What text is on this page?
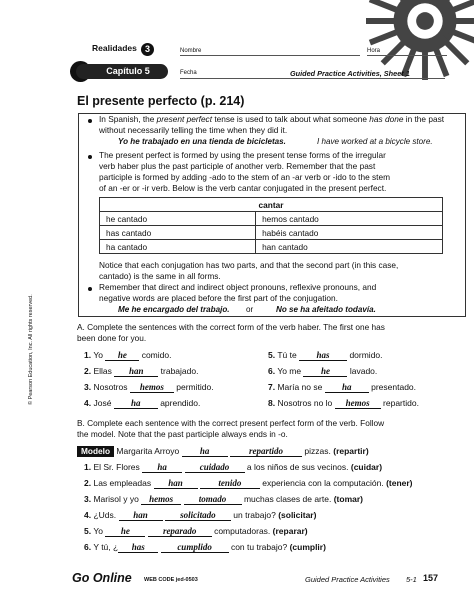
Realidades 3	Nombre	Hora
Capítulo 5	Fecha	Guided Practice Activities, Sheet 1
El presente perfecto (p. 214)
In Spanish, the present perfect tense is used to talk about what someone has done in the past without necessarily telling the time when they did it.
Yo he trabajado en una tienda de bicicletas.	I have worked at a bicycle store.
The present perfect is formed by using the present tense forms of the irregular
verb haber plus the past participle of another verb. Remember that the past
participle is formed by adding -ado to the stem of an -ar verb or -ido to the stem
of an -er or -ir verb. Below is the verb cantar conjugated in the present perfect.
cantar	
he cantado	hemos cantado
has cantado	habéis cantado
ha cantado	han cantado
Notice that each conjugation has two parts, and that the second part (in this case,
cantado) is the same in all forms.
Remember that direct and indirect object pronouns, reflexive pronouns, and
negative words are placed before the first part of the conjugation.
Me he encargado del trabajo. or	No se ha afeitado todavía.
A. Complete the sentences with the correct form of the verb haber. The first one has
been done for you.
1. Yo he comido.
2. Ellas han trabajado.
3. Nosotros hemos permitido.
4. José ha aprendido.
5. Tú te has dormido.
6. Yo me he lavado.
7. María no se ha presentado.
8. Nosotros no lo hemos repartido.
B. Complete each sentence with the correct present perfect form of the verb. Follow
the model. Note that the past participle always ends in -o.
Modelo Margarita Arroyo ha	repartido	pizzas. (repartir)
1. El Sr. Flores ha	cuidado a los niños de sus vecinos. (cuidar)
2. Las empleadas han	tenido experiencia con la computación. (tener)
3. Marisol y yo hemos	tomado muchas clases de arte. (tomar)
4. ¿Uds. han	solicitado un trabajo? (solicitar)
5. Yo he	reparado computadoras. (reparar)
6. Y tú, ¿ has	cumplido con tu trabajo? (cumplir)
© Pearson Education, Inc. All rights reserved.
Go Online WEB CODE jed-0503	Guided Practice Activities 5-1 157
